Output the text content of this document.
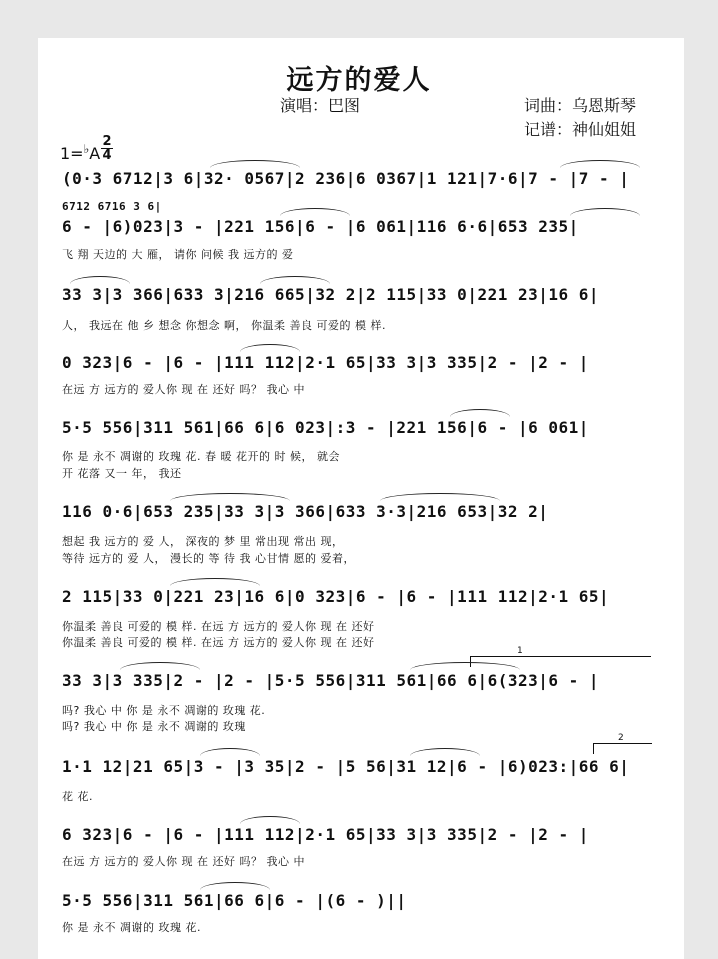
远方的爱人
演唱：巴图	词曲：乌恩斯琴
记谱：神仙姐姐
1=♭A
2
4
(0·3 6712|3 6|32· 0567|2 236|6 0367|1 121|7·6|7 - |7 - |
6712 6716 3 6|
6 - |6)023|3 - |221 156|6 - |6 061|116 6·6|653 235|
飞 翔 天边的 大 雁， 请你 问候 我 远方的 爱
33 3|3 366|633 3|216 665|32 2|2 115|33 0|221 23|16 6|
人， 我远在 他 乡 想念 你想念 啊， 你温柔 善良 可爱的 模 样.
0 323|6 - |6 - |111 112|2·1 65|33 3|3 335|2 - |2 - |
在远 方 远方的 爱人你 现 在 还好 吗？ 我心 中
5·5 556|311 561|66 6|6 023|:3 - |221 156|6 - |6 061|
你 是 永不 凋谢的 玫瑰 花. 春 暖 花开的 时 候， 就会
开 花落 又一 年， 我还
116 0·6|653 235|33 3|3 366|633 3·3|216 653|32 2|
想起 我 远方的 爱 人， 深夜的 梦 里 常出现 常出 现，
等待 远方的 爱 人， 漫长的 等 待 我 心甘情 愿的 爱着，
2 115|33 0|221 23|16 6|0 323|6 - |6 - |111 112|2·1 65|
你温柔 善良 可爱的 模 样. 在远 方 远方的 爱人你 现 在 还好
你温柔 善良 可爱的 模 样. 在远 方 远方的 爱人你 现 在 还好
1
33 3|3 335|2 - |2 - |5·5 556|311 561|66 6|6(323|6 - |
吗? 我心 中 你 是 永不 凋谢的 玫瑰 花.
吗? 我心 中 你 是 永不 凋谢的 玫瑰
2
1·1 12|21 65|3 - |3 35|2 - |5 56|31 12|6 - |6)023:|66 6|
花 花.
6 323|6 - |6 - |111 112|2·1 65|33 3|3 335|2 - |2 - |
在远 方 远方的 爱人你 现 在 还好 吗？ 我心 中
5·5 556|311 561|66 6|6 - |(6 - )||
你 是 永不 凋谢的 玫瑰 花.
